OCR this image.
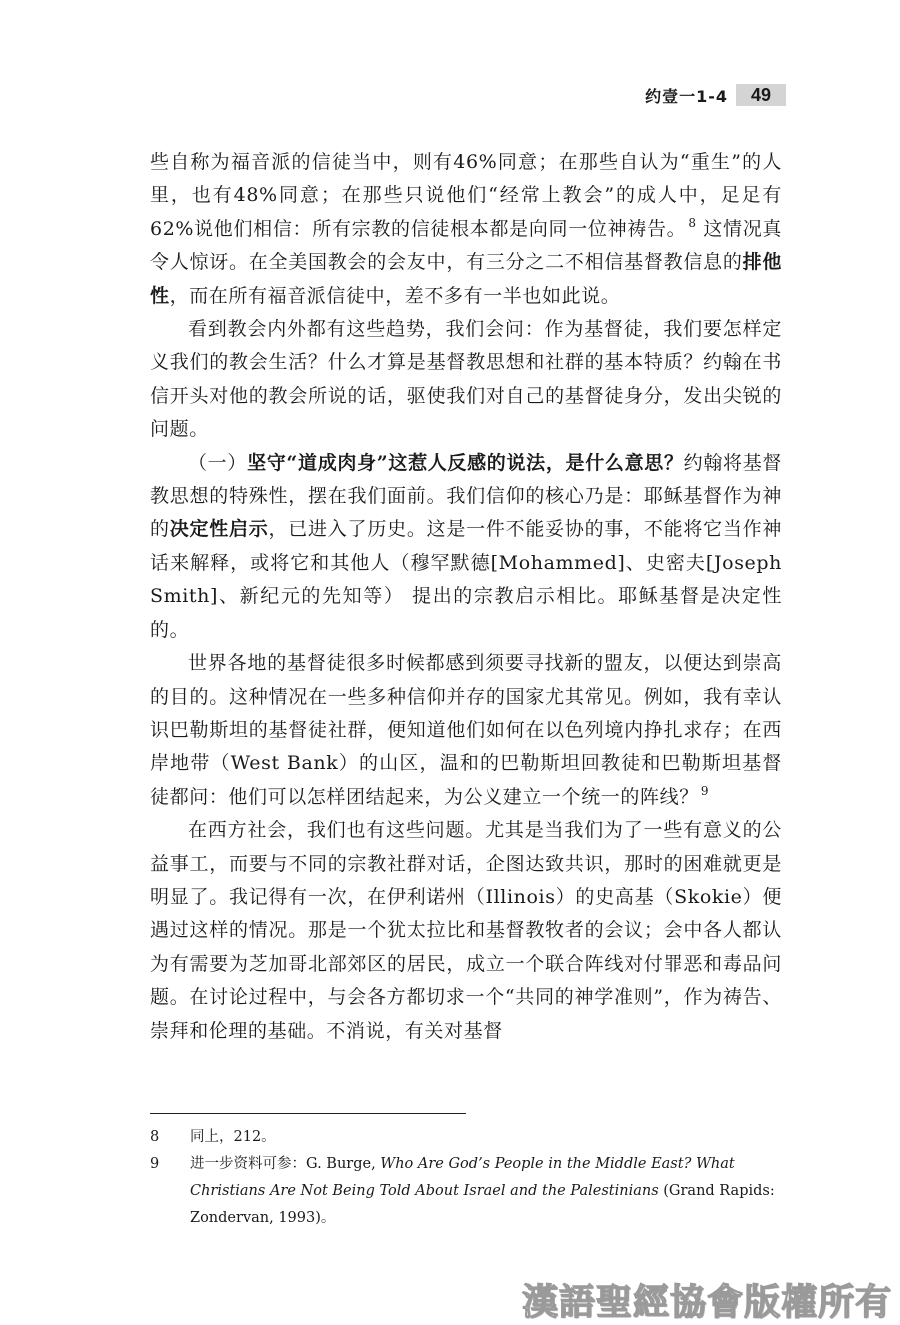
约壹一1-4	49

些自称为福音派的信徒当中，则有46%同意；在那些自认为“重生”的人里，也有48%同意；在那些只说他们“经常上教会”的成人中，足足有62%说他们相信：所有宗教的信徒根本都是向同一位神祷告。 $^8$ 这情况真令人惊讶。在全美国教会的会友中，有三分之二不相信基督教信息的排他性，而在所有福音派信徒中，差不多有一半也如此说。

看到教会内外都有这些趋势，我们会问：作为基督徒，我们要怎样定义我们的教会生活？什么才算是基督教思想和社群的基本特质？约翰在书信开头对他的教会所说的话，驱使我们对自己的基督徒身分，发出尖锐的问题。

（一）坚守“道成肉身”这惹人反感的说法，是什么意思？约翰将基督教思想的特殊性，摆在我们面前。我们信仰的核心乃是：耶稣基督作为神的决定性启示，已进入了历史。这是一件不能妥协的事，不能将它当作神话来解释，或将它和其他人（穆罕默德[Mohammed]、史密夫[Joseph Smith]、新纪元的先知等） 提出的宗教启示相比。耶稣基督是决定性的。

世界各地的基督徒很多时候都感到须要寻找新的盟友，以便达到崇高的目的。这种情况在一些多种信仰并存的国家尤其常见。例如，我有幸认识巴勒斯坦的基督徒社群，便知道他们如何在以色列境内挣扎求存；在西岸地带（West Bank）的山区，温和的巴勒斯坦回教徒和巴勒斯坦基督徒都问：他们可以怎样团结起来，为公义建立一个统一的阵线？ $^9$

在西方社会，我们也有这些问题。尤其是当我们为了一些有意义的公益事工，而要与不同的宗教社群对话，企图达致共识，那时的困难就更是明显了。我记得有一次，在伊利诺州（Illinois）的史高基（Skokie）便遇过这样的情况。那是一个犹太拉比和基督教牧者的会议；会中各人都认为有需要为芝加哥北部郊区的居民，成立一个联合阵线对付罪恶和毒品问题。在讨论过程中，与会各方都切求一个“共同的神学准则”，作为祷告、崇拜和伦理的基础。不消说，有关对基督

8	同上，212。
9	进一步资料可参：G. Burge, Who Are God’s People in the Middle East? What Christians Are Not Being Told About Israel and the Palestinians (Grand Rapids: Zondervan, 1993)。
漢語聖經協會版權所有
